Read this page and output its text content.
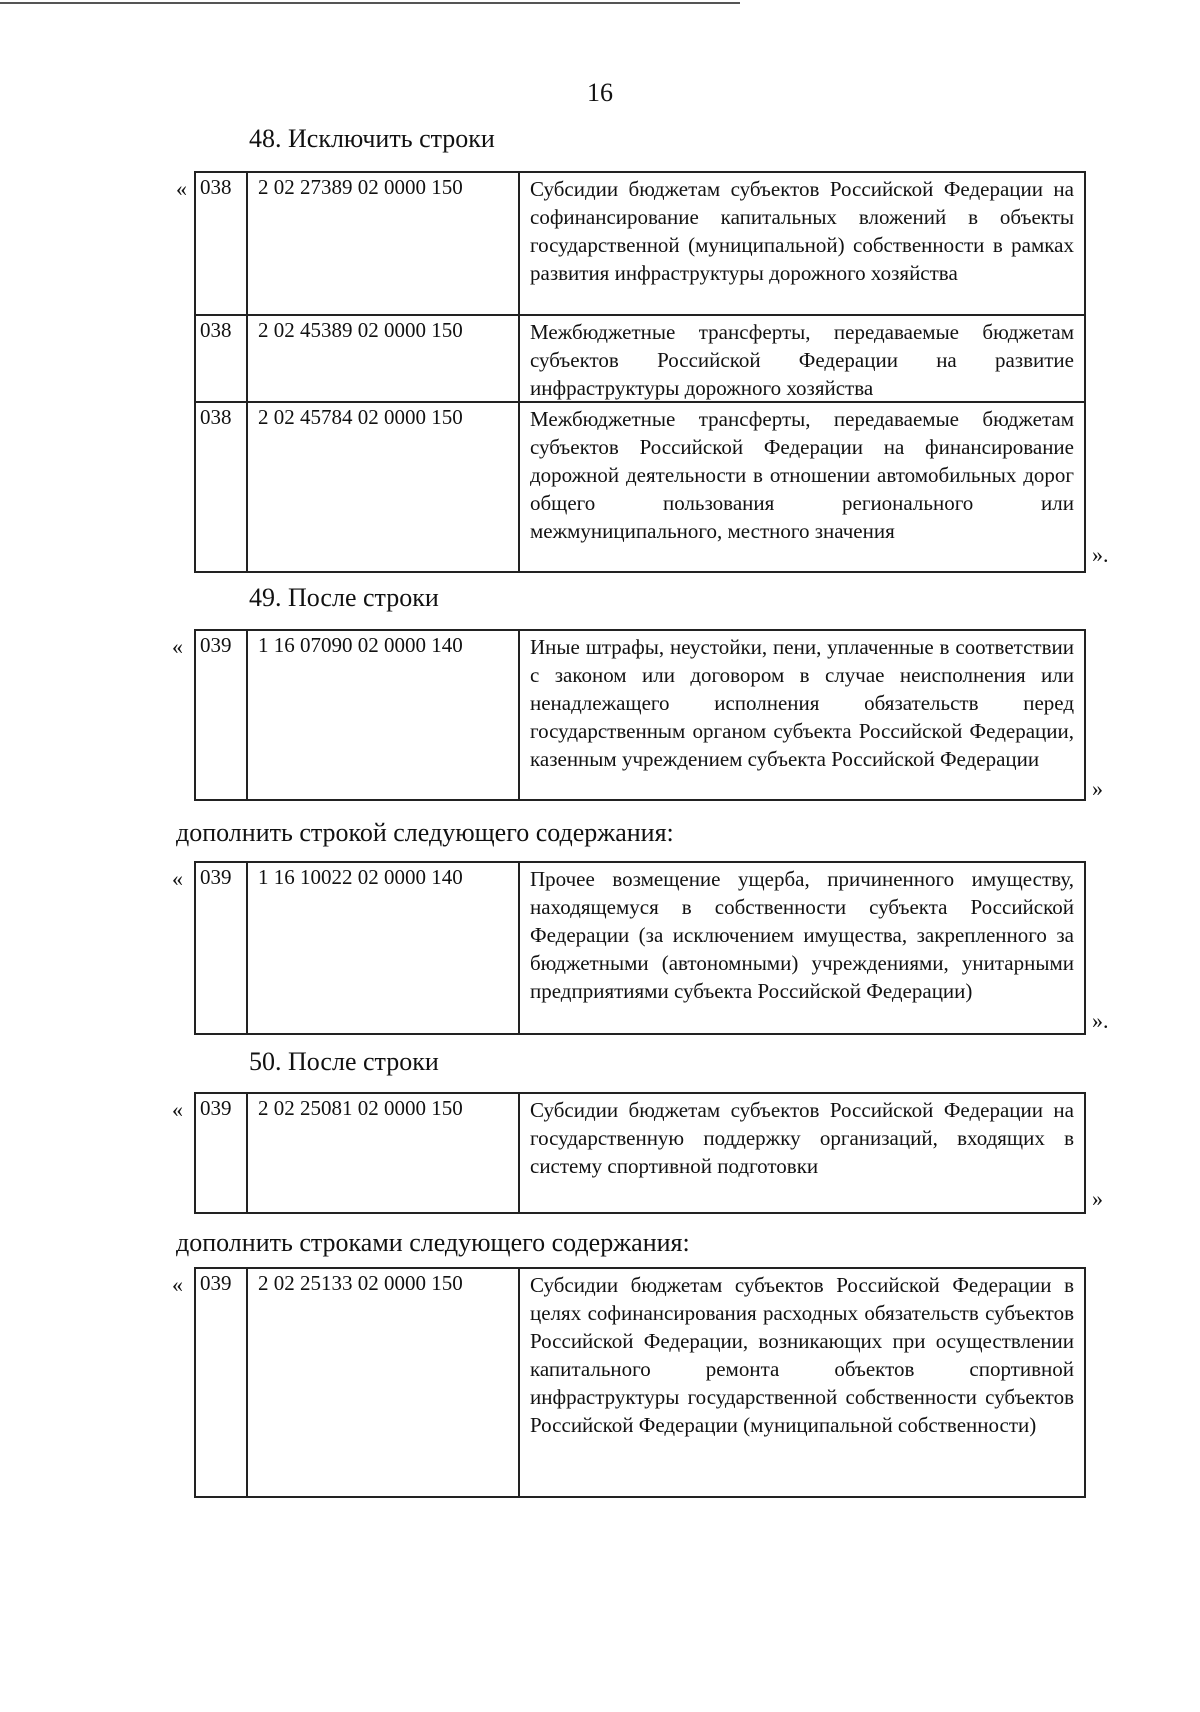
16
48. Исключить строки
« 038	2 02 27389 02 0000 150	Субсидии бюджетам субъектов Российской Федерации на софинансирование капитальных вложений в объекты государственной (муниципальной) собственности в рамках развития инфраструктуры дорожного хозяйства
038	2 02 45389 02 0000 150	Межбюджетные трансферты, передаваемые бюджетам субъектов Российской Федерации на развитие инфраструктуры дорожного хозяйства
038	2 02 45784 02 0000 150	Межбюджетные трансферты, передаваемые бюджетам субъектов Российской Федерации на финансирование дорожной деятельности в отношении автомобильных дорог общего пользования регионального или межмуниципального, местного значения
».
49. После строки
« 039	1 16 07090 02 0000 140	Иные штрафы, неустойки, пени, уплаченные в соответствии с законом или договором в случае неисполнения или ненадлежащего исполнения обязательств перед государственным органом субъекта Российской Федерации, казенным учреждением субъекта Российской Федерации
»
дополнить строкой следующего содержания:
« 039	1 16 10022 02 0000 140	Прочее возмещение ущерба, причиненного имуществу, находящемуся в собственности субъекта Российской Федерации (за исключением имущества, закрепленного за бюджетными (автономными) учреждениями, унитарными предприятиями субъекта Российской Федерации)
».
50. После строки
« 039	2 02 25081 02 0000 150	Субсидии бюджетам субъектов Российской Федерации на государственную поддержку организаций, входящих в систему спортивной подготовки
»
дополнить строками следующего содержания:
« 039	2 02 25133 02 0000 150	Субсидии бюджетам субъектов Российской Федерации в целях софинансирования расходных обязательств субъектов Российской Федерации, возникающих при осуществлении капитального ремонта объектов спортивной инфраструктуры государственной собственности субъектов Российской Федерации (муниципальной собственности)
